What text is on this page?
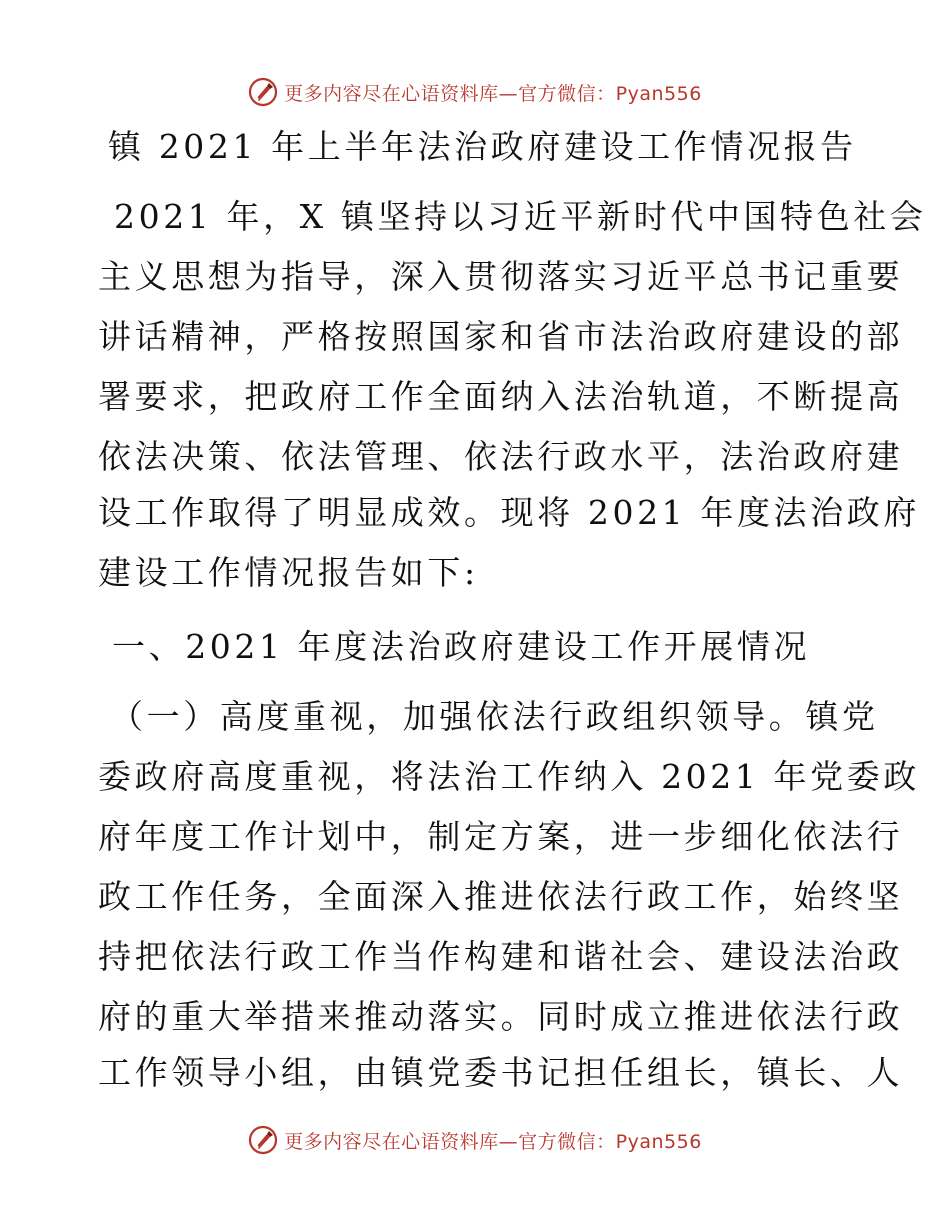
更多内容尽在心语资料库—官方微信：Pyan556
镇 2021 年上半年法治政府建设工作情况报告
2021 年，X 镇坚持以习近平新时代中国特色社会
主义思想为指导，深入贯彻落实习近平总书记重要
讲话精神，严格按照国家和省市法治政府建设的部
署要求，把政府工作全面纳入法治轨道，不断提高
依法决策、依法管理、依法行政水平，法治政府建
设工作取得了明显成效。现将 2021 年度法治政府
建设工作情况报告如下:
一、2021 年度法治政府建设工作开展情况
（一）高度重视，加强依法行政组织领导。镇党
委政府高度重视，将法治工作纳入 2021 年党委政
府年度工作计划中，制定方案，进一步细化依法行
政工作任务，全面深入推进依法行政工作，始终坚
持把依法行政工作当作构建和谐社会、建设法治政
府的重大举措来推动落实。同时成立推进依法行政
工作领导小组，由镇党委书记担任组长，镇长、人
更多内容尽在心语资料库—官方微信：Pyan556
